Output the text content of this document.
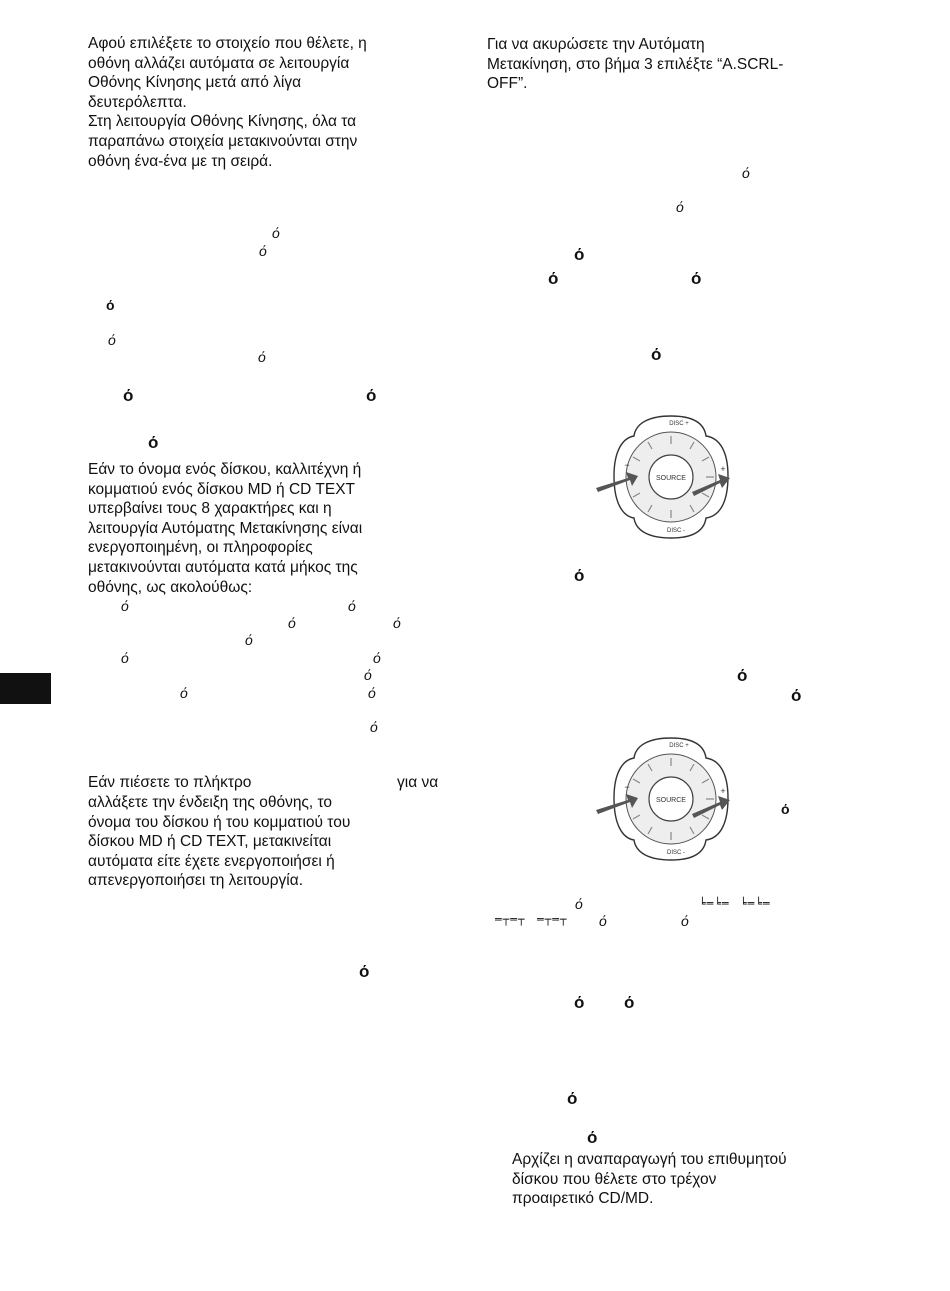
Αφού επιλέξετε το στοιχείο που θέλετε, η
οθόνη αλλάζει αυτόματα σε λειτουργία
Οθόνης Κίνησης μετά από λίγα
δευτερόλεπτα.
Στη λειτουργία Οθόνης Κίνησης, όλα τα
παραπάνω στοιχεία μετακινούνται στην
οθόνη ένα-ένα με τη σειρά.

ό
ό
ό
ό
ό
ό	ό
ό

Εάν το όνομα ενός δίσκου, καλλιτέχνη ή
κομματιού ενός δίσκου MD ή CD TEXT
υπερβαίνει τους 8 χαρακτήρες και η
λειτουργία Αυτόματης Μετακίνησης είναι
ενεργοποιημένη, οι πληροφορίες
μετακινούνται αυτόματα κατά μήκος της
οθόνης, ως ακολούθως:

ό	ό
ό	ό
ό
ό	ό
ό
ό	ό
ό
Εάν πιέσετε το πλήκτρο	για να

αλλάξετε την ένδειξη της οθόνης, το
όνομα του δίσκου ή του κομματιού του
δίσκου MD ή CD TEXT, μετακινείται
αυτόματα είτε έχετε ενεργοποιήσει ή
απενεργοποιήσει τη λειτουργία.

ό

Για να ακυρώσετε την Αυτόματη
Μετακίνηση, στο βήμα 3 επιλέξτε “A.SCRL-
OFF”.

ό
ό
ό
ό	ό
ό
SOURCE
DISC +
DISC -
+
−
ό
ό
ό
SOURCE
DISC +
DISC -
+
−
ό
ό	╘═╘═ ╘═╘═
═┬═┬ ═┬═┬ ό	ό
ό ό
ό
ό

Αρχίζει η αναπαραγωγή του επιθυμητού
δίσκου που θέλετε στο τρέχον
προαιρετικό CD/MD.
